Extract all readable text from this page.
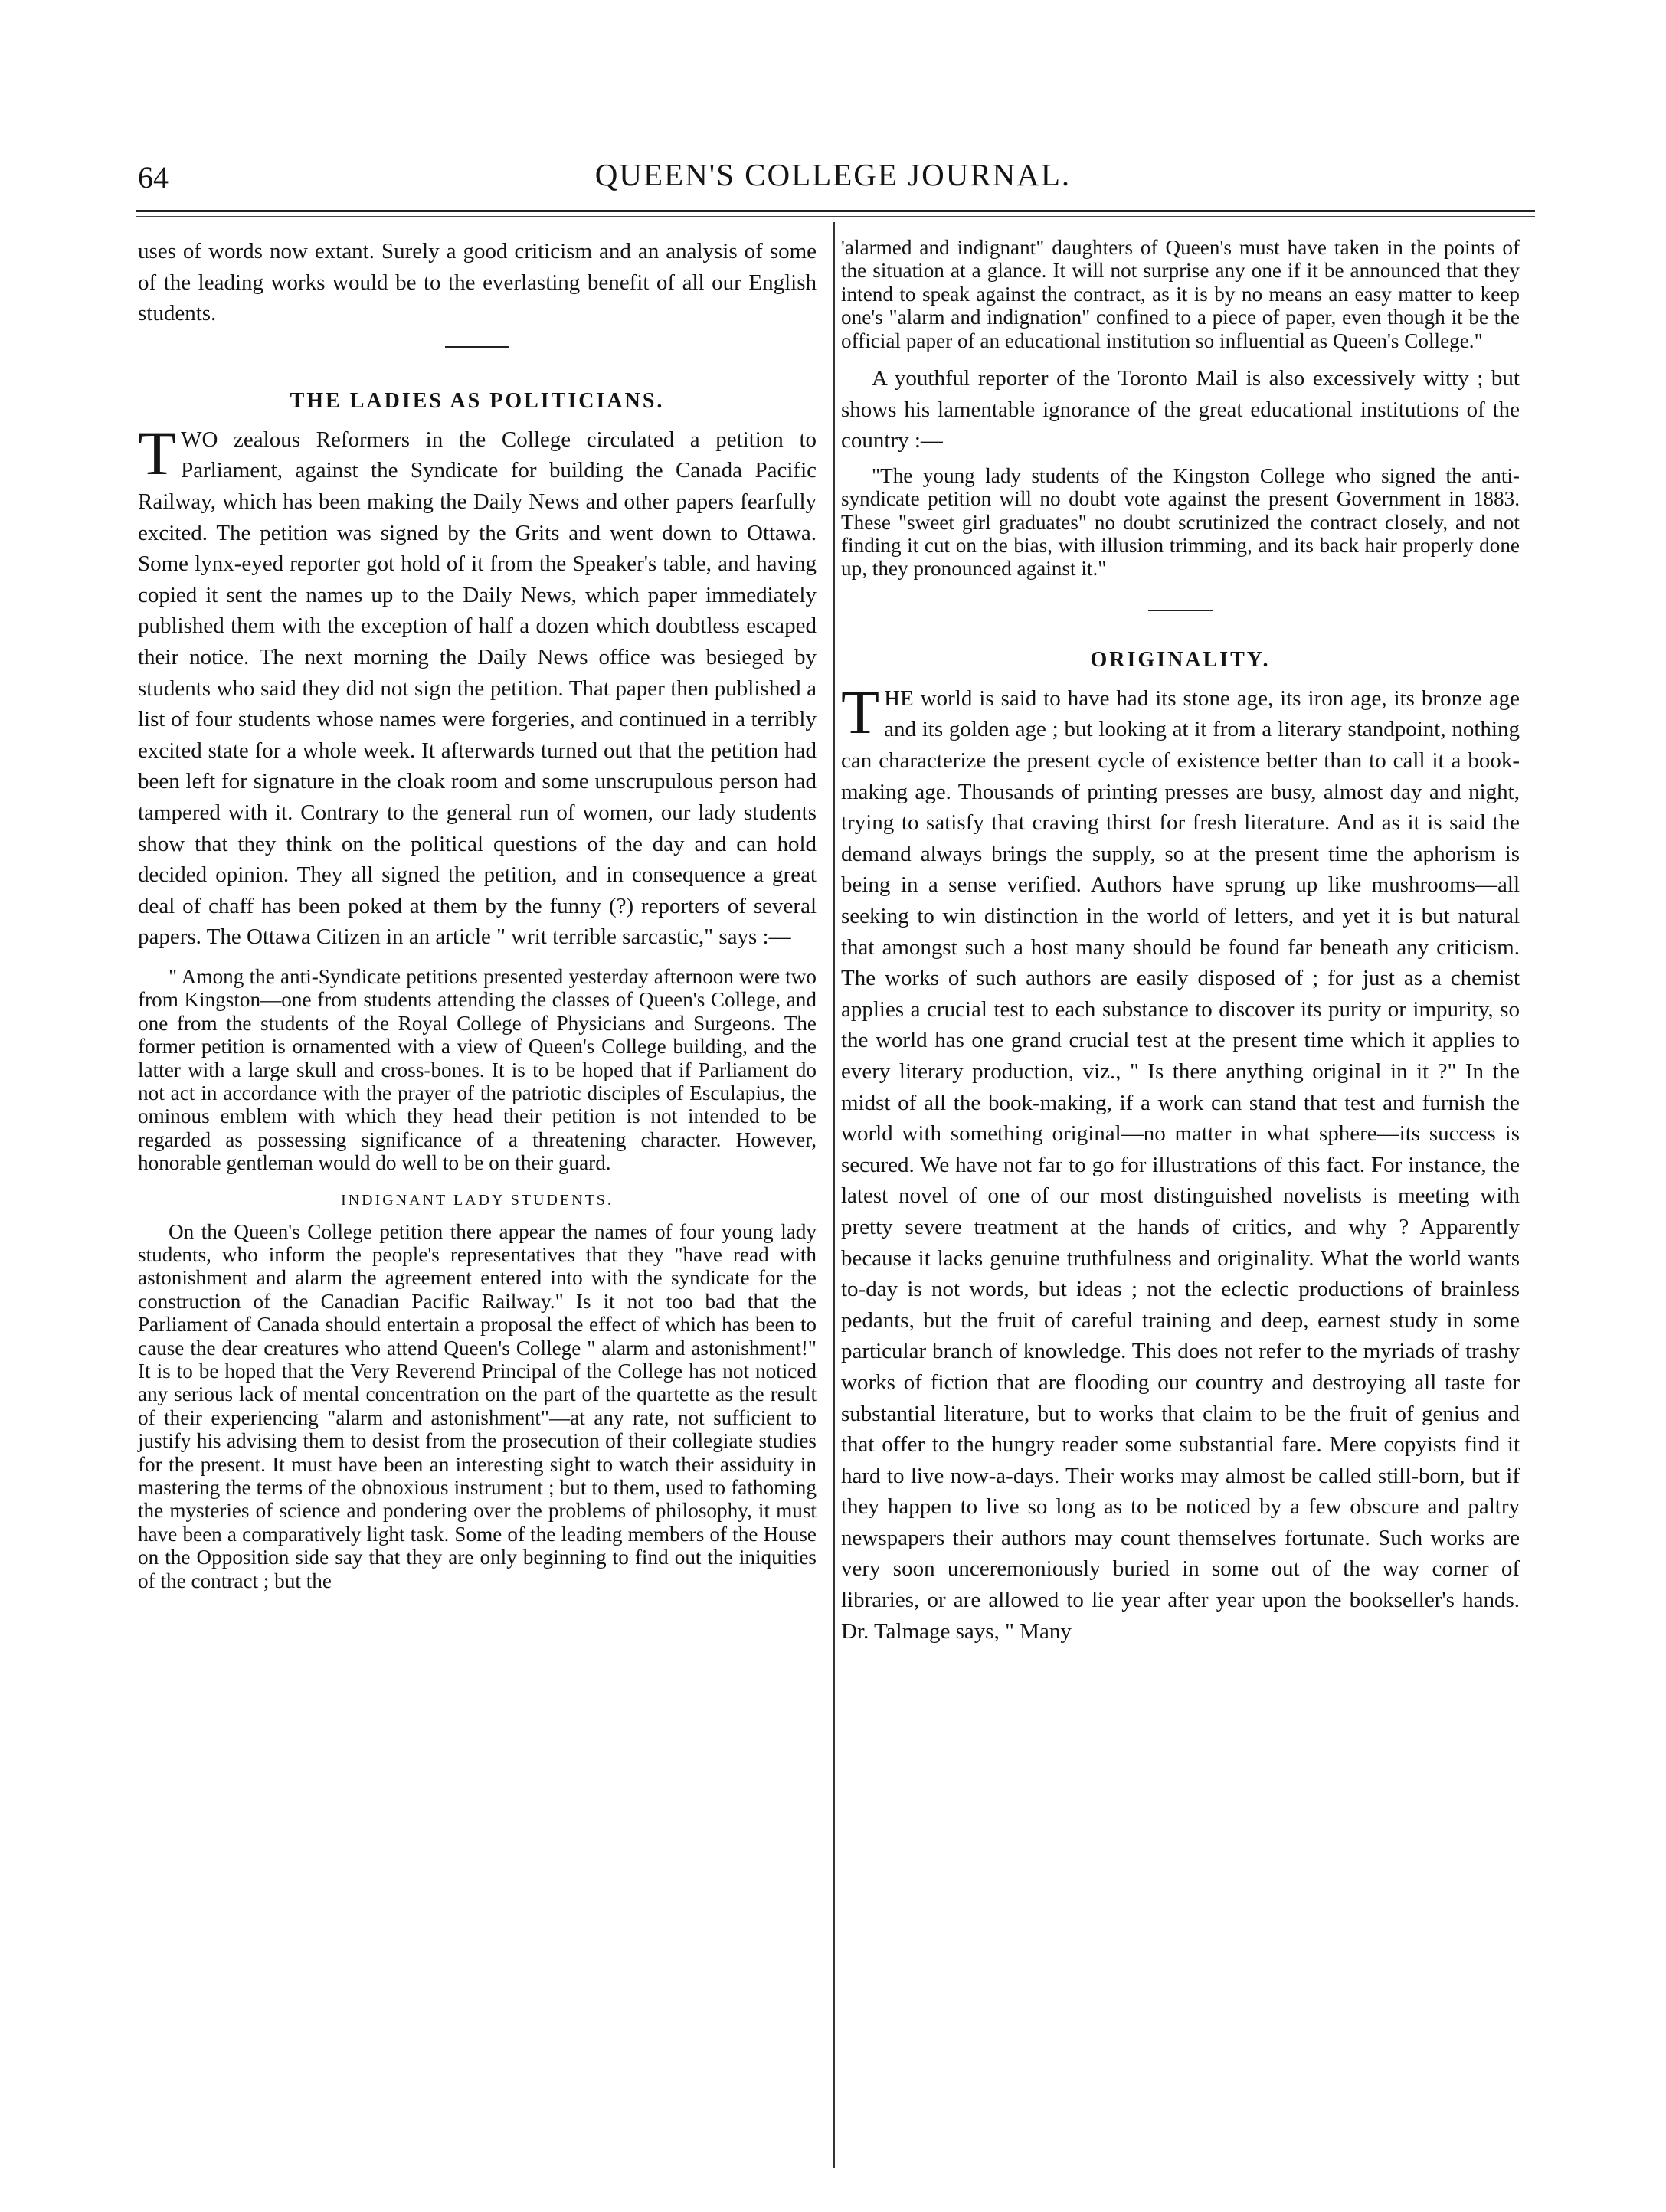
64	QUEEN'S COLLEGE JOURNAL.

uses of words now extant. Surely a good criticism and an analysis of some of the leading works would be to the everlasting benefit of all our English students.

THE LADIES AS POLITICIANS.

TWO zealous Reformers in the College circulated a petition to Parliament, against the Syndicate for building the Canada Pacific Railway, which has been making the Daily News and other papers fearfully excited. The petition was signed by the Grits and went down to Ottawa. Some lynx-eyed reporter got hold of it from the Speaker's table, and having copied it sent the names up to the Daily News, which paper immediately published them with the exception of half a dozen which doubtless escaped their notice. The next morning the Daily News office was besieged by students who said they did not sign the petition. That paper then published a list of four students whose names were forgeries, and continued in a terribly excited state for a whole week. It afterwards turned out that the petition had been left for signature in the cloak room and some unscrupulous person had tampered with it. Contrary to the general run of women, our lady students show that they think on the political questions of the day and can hold decided opinion. They all signed the petition, and in consequence a great deal of chaff has been poked at them by the funny (?) reporters of several papers. The Ottawa Citizen in an article " writ terrible sarcastic," says :—

" Among the anti-Syndicate petitions presented yesterday afternoon were two from Kingston—one from students attending the classes of Queen's College, and one from the students of the Royal College of Physicians and Surgeons. The former petition is ornamented with a view of Queen's College building, and the latter with a large skull and cross-bones. It is to be hoped that if Parliament do not act in accordance with the prayer of the patriotic disciples of Esculapius, the ominous emblem with which they head their petition is not intended to be regarded as possessing significance of a threatening character. However, honorable gentleman would do well to be on their guard.

INDIGNANT LADY STUDENTS.

On the Queen's College petition there appear the names of four young lady students, who inform the people's representatives that they "have read with astonishment and alarm the agreement entered into with the syndicate for the construction of the Canadian Pacific Railway." Is it not too bad that the Parliament of Canada should entertain a proposal the effect of which has been to cause the dear creatures who attend Queen's College " alarm and astonishment!" It is to be hoped that the Very Reverend Principal of the College has not noticed any serious lack of mental concentration on the part of the quartette as the result of their experiencing "alarm and astonishment"—at any rate, not sufficient to justify his advising them to desist from the prosecution of their collegiate studies for the present. It must have been an interesting sight to watch their assiduity in mastering the terms of the obnoxious instrument ; but to them, used to fathoming the mysteries of science and pondering over the problems of philosophy, it must have been a comparatively light task. Some of the leading members of the House on the Opposition side say that they are only beginning to find out the iniquities of the contract ; but the

'alarmed and indignant" daughters of Queen's must have taken in the points of the situation at a glance. It will not surprise any one if it be announced that they intend to speak against the contract, as it is by no means an easy matter to keep one's "alarm and indignation" confined to a piece of paper, even though it be the official paper of an educational institution so influential as Queen's College."

A youthful reporter of the Toronto Mail is also excessively witty ; but shows his lamentable ignorance of the great educational institutions of the country :—

"The young lady students of the Kingston College who signed the anti-syndicate petition will no doubt vote against the present Government in 1883. These "sweet girl graduates" no doubt scrutinized the contract closely, and not finding it cut on the bias, with illusion trimming, and its back hair properly done up, they pronounced against it."

ORIGINALITY.

THE world is said to have had its stone age, its iron age, its bronze age and its golden age ; but looking at it from a literary standpoint, nothing can characterize the present cycle of existence better than to call it a book-making age. Thousands of printing presses are busy, almost day and night, trying to satisfy that craving thirst for fresh literature. And as it is said the demand always brings the supply, so at the present time the aphorism is being in a sense verified. Authors have sprung up like mushrooms—all seeking to win distinction in the world of letters, and yet it is but natural that amongst such a host many should be found far beneath any criticism. The works of such authors are easily disposed of ; for just as a chemist applies a crucial test to each substance to discover its purity or impurity, so the world has one grand crucial test at the present time which it applies to every literary production, viz., " Is there anything original in it ?" In the midst of all the book-making, if a work can stand that test and furnish the world with something original—no matter in what sphere—its success is secured. We have not far to go for illustrations of this fact. For instance, the latest novel of one of our most distinguished novelists is meeting with pretty severe treatment at the hands of critics, and why ? Apparently because it lacks genuine truthfulness and originality. What the world wants to-day is not words, but ideas ; not the eclectic productions of brainless pedants, but the fruit of careful training and deep, earnest study in some particular branch of knowledge. This does not refer to the myriads of trashy works of fiction that are flooding our country and destroying all taste for substantial literature, but to works that claim to be the fruit of genius and that offer to the hungry reader some substantial fare. Mere copyists find it hard to live now-a-days. Their works may almost be called still-born, but if they happen to live so long as to be noticed by a few obscure and paltry newspapers their authors may count themselves fortunate. Such works are very soon unceremoniously buried in some out of the way corner of libraries, or are allowed to lie year after year upon the bookseller's hands. Dr. Talmage says, " Many
